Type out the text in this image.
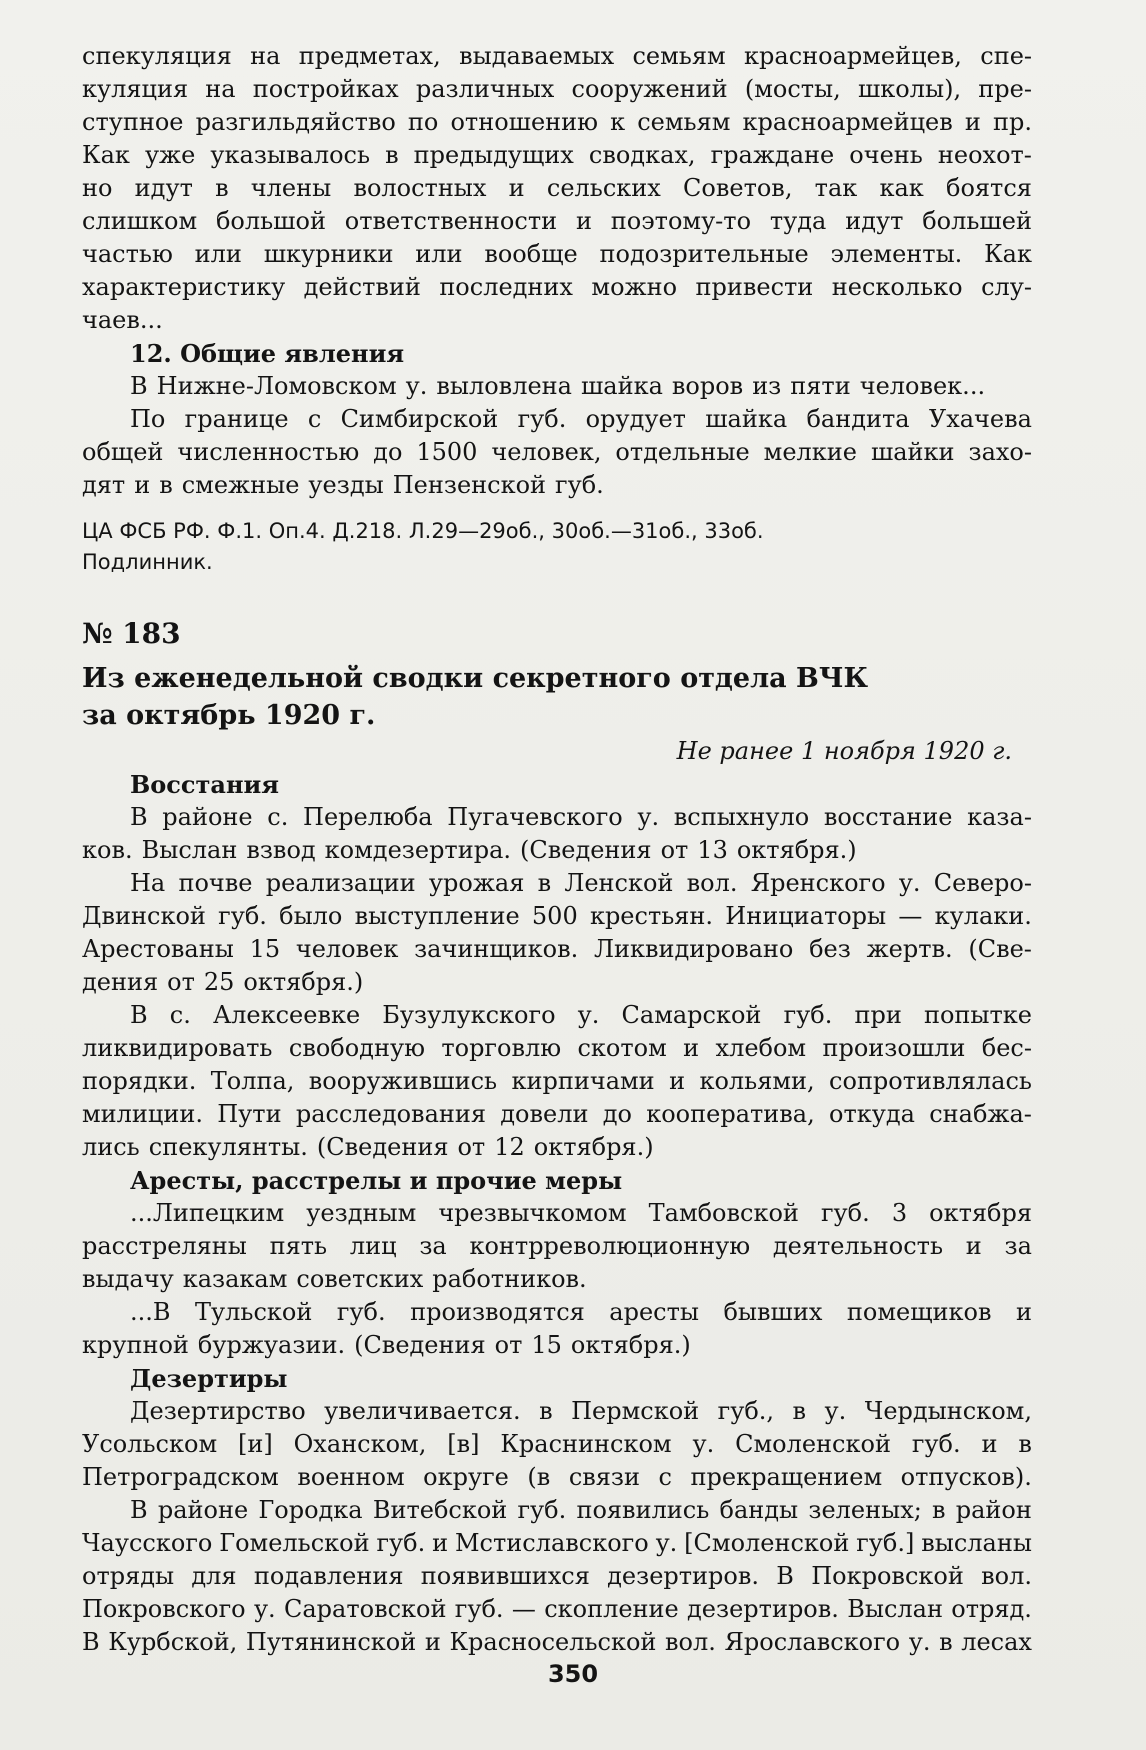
спекуляция на предметах, выдаваемых семьям красноармейцев, спе-
куляция на постройках различных сооружений (мосты, школы), пре-
ступное разгильдяйство по отношению к семьям красноармейцев и пр.
Как уже указывалось в предыдущих сводках, граждане очень неохот-
но идут в члены волостных и сельских Советов, так как боятся
слишком большой ответственности и поэтому-то туда идут большей
частью или шкурники или вообще подозрительные элементы. Как
характеристику действий последних можно привести несколько слу-
чаев...
12. Общие явления
В Нижне-Ломовском у. выловлена шайка воров из пяти человек...
По границе с Симбирской губ. орудует шайка бандита Ухачева
общей численностью до 1500 человек, отдельные мелкие шайки захо-
дят и в смежные уезды Пензенской губ.
ЦА ФСБ РФ. Ф.1. Оп.4. Д.218. Л.29—29об., 30об.—31об., 33об.
Подлинник.
№ 183
Из еженедельной сводки секретного отдела ВЧК
за октябрь 1920 г.
Не ранее 1 ноября 1920 г.
Восстания
В районе с. Перелюба Пугачевского у. вспыхнуло восстание каза-
ков. Выслан взвод комдезертира. (Сведения от 13 октября.)
На почве реализации урожая в Ленской вол. Яренского у. Северо-
Двинской губ. было выступление 500 крестьян. Инициаторы — кулаки.
Арестованы 15 человек зачинщиков. Ликвидировано без жертв. (Све-
дения от 25 октября.)
В с. Алексеевке Бузулукского у. Самарской губ. при попытке
ликвидировать свободную торговлю скотом и хлебом произошли бес-
порядки. Толпа, вооружившись кирпичами и кольями, сопротивлялась
милиции. Пути расследования довели до кооператива, откуда снабжа-
лись спекулянты. (Сведения от 12 октября.)
Аресты, расстрелы и прочие меры
...Липецким уездным чрезвычкомом Тамбовской губ. 3 октября
расстреляны пять лиц за контрреволюционную деятельность и за
выдачу казакам советских работников.
...В Тульской губ. производятся аресты бывших помещиков и
крупной буржуазии. (Сведения от 15 октября.)
Дезертиры
Дезертирство увеличивается. в Пермской губ., в у. Чердынском,
Усольском [и] Оханском, [в] Краснинском у. Смоленской губ. и в
Петроградском военном округе (в связи с прекращением отпусков).
В районе Городка Витебской губ. появились банды зеленых; в район
Чаусского Гомельской губ. и Мстиславского у. [Смоленской губ.] высланы
отряды для подавления появившихся дезертиров. В Покровской вол.
Покровского у. Саратовской губ. — скопление дезертиров. Выслан отряд.
В Курбской, Путянинской и Красносельской вол. Ярославского у. в лесах
350
